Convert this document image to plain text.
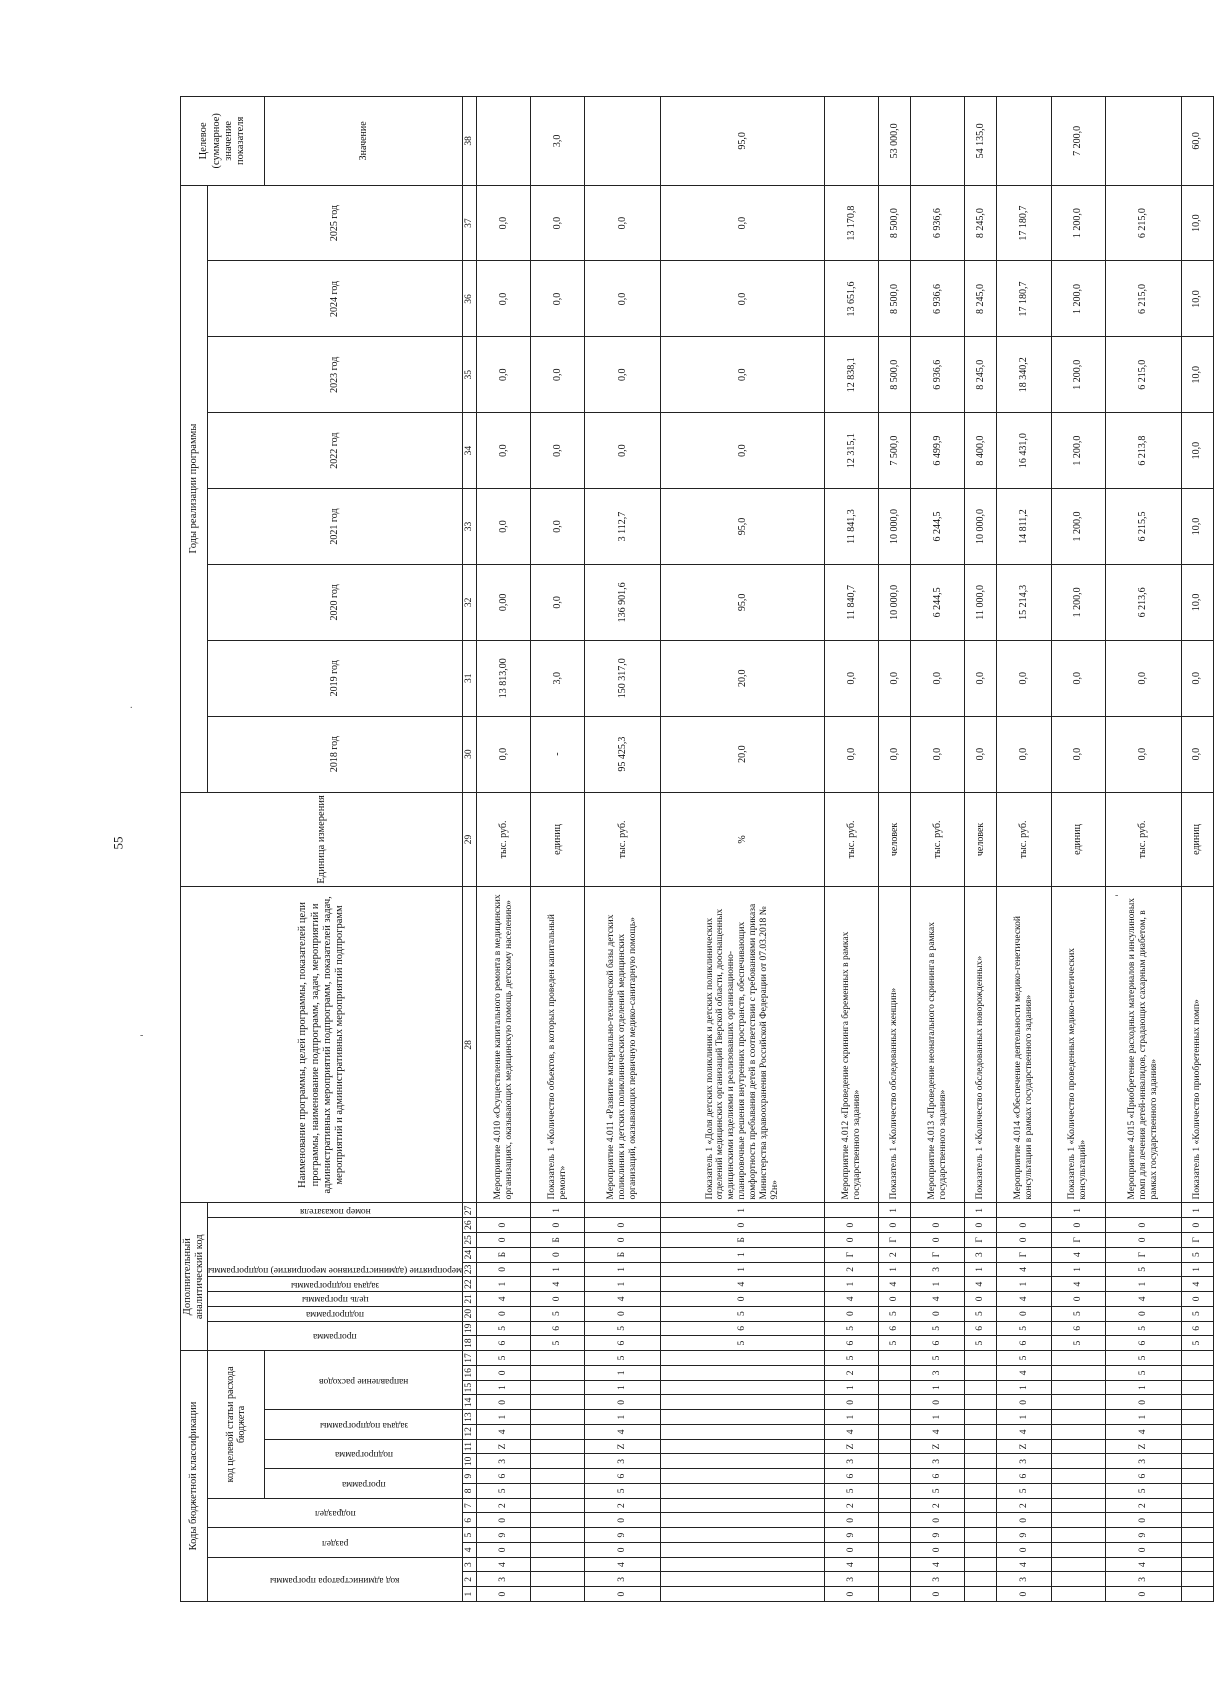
55
Коды бюджетной классификации																	Дополнительный аналитический код										Наименование программы, целей программы, показателей цели программы, наименование подпрограмм, задач, мероприятий и административных мероприятий подпрограмм, показателей задач, мероприятий и административных мероприятий подпрограмм	Единица измерения	Годы реализации программы								Целевое (суммарное) значение показателя

код администратора программы			раздел		подраздел		код целевой статьи расхода бюджета										программа		подпрограмма	цель программы	задача подпрограммы	мероприятие (административное мероприятие) подпрограммы				номер показателя			2018 год	2019 год	2020 год	2021 год	2022 год	2023 год	2024 год	2025 год	

							программа		подпрограмма		задача подпрограммы		направление расходов																								Значение
1	2	3	4	5	6	7	8	9	10	11	12	13	14	15	16	17	18	19	20	21	22	23	24	25	26	27	28	29	30	31	32	33	34	35	36	37	38
0	3	4	0	9	0	2	5	6	3	Z	4	1	0	1	0	5	6	5	0	4	1	0	Б	0	0		Мероприятие 4.010 «Осуществление капитального ремонта в медицинских организациях, оказывающих медицинскую помощь детскому населению»	тыс. руб.	0,0	13 813,00	0,00	0,0	0,0	0,0	0,0	0,0	
																	5	6	5	0	4	1	0	Б	0	1	Показатель 1 «Количество объектов, в которых проведен капитальный ремонт»	единиц	-	3,0	0,0	0,0	0,0	0,0	0,0	0,0	3,0
0	3	4	0	9	0	2	5	6	3	Z	4	1	0	1	1	5	6	5	0	4	1	1	Б	0	0		Мероприятие 4.011 «Развитие материально-технической базы детских поликлиник и детских поликлинических отделений медицинских организаций, оказывающих первичную медико-санитарную помощь»	тыс. руб.	95 425,3	150 317,0	136 901,6	3 112,7	0,0	0,0	0,0	0,0	
																	5	6	5	0	4	1	1	Б	0	1	Показатель 1 «Доля детских поликлиник и детских поликлинических отделений медицинских организаций Тверской области, дооснащенных медицинскими изделиями и реализовавших организационно-планировочные решения внутренних пространств, обеспечивающих комфортность пребывания детей в соответствии с требованиями приказа Министерства здравоохранения Российской Федерации от 07.03.2018 № 92н»	%	20,0	20,0	95,0	95,0	0,0	0,0	0,0	0,0	95,0
0	3	4	0	9	0	2	5	6	3	Z	4	1	0	1	2	5	6	5	0	4	1	2	Г	0	0		Мероприятие 4.012 «Проведение скрининга беременных в рамках государственного задания»	тыс. руб.	0,0	0,0	11 840,7	11 841,3	12 315,1	12 838,1	13 651,6	13 170,8	
																	5	6	5	0	4	1	2	Г	0	1	Показатель 1 «Количество обследованных женщин»	человек	0,0	0,0	10 000,0	10 000,0	7 500,0	8 500,0	8 500,0	8 500,0	53 000,0
0	3	4	0	9	0	2	5	6	3	Z	4	1	0	1	3	5	6	5	0	4	1	3	Г	0	0		Мероприятие 4.013 «Проведение неонатального скрининга в рамках государственного задания»	тыс. руб.	0,0	0,0	6 244,5	6 244,5	6 499,9	6 936,6	6 936,6	6 936,6	
																	5	6	5	0	4	1	3	Г	0	1	Показатель 1 «Количество обследованных новорожденных»	человек	0,0	0,0	11 000,0	10 000,0	8 400,0	8 245,0	8 245,0	8 245,0	54 135,0
0	3	4	0	9	0	2	5	6	3	Z	4	1	0	1	4	5	6	5	0	4	1	4	Г	0	0		Мероприятие 4.014 «Обеспечение деятельности медико-генетической консультации в рамках государственного задания»	тыс. руб.	0,0	0,0	15 214,3	14 811,2	16 431,0	18 340,2	17 180,7	17 180,7	
																	5	6	5	0	4	1	4	Г	0	1	Показатель 1 «Количество проведенных медико-генетических консультаций»	единиц	0,0	0,0	1 200,0	1 200,0	1 200,0	1 200,0	1 200,0	1 200,0	7 200,0
0	3	4	0	9	0	2	5	6	3	Z	4	1	0	1	5	5	6	5	0	4	1	5	Г	0	0		Мероприятие 4.015 «Приобретение расходных материалов и инсулиновых помп для лечения детей-инвалидов, страдающих сахарным диабетом, в рамках государственного задания»	тыс. руб.	0,0	0,0	6 213,6	6 215,5	6 213,8	6 215,0	6 215,0	6 215,0	
																	5	6	5	0	4	1	5	Г	0	1	Показатель 1 «Количество приобретенных помп»	единиц	0,0	0,0	10,0	10,0	10,0	10,0	10,0	10,0	60,0
.
-
-
